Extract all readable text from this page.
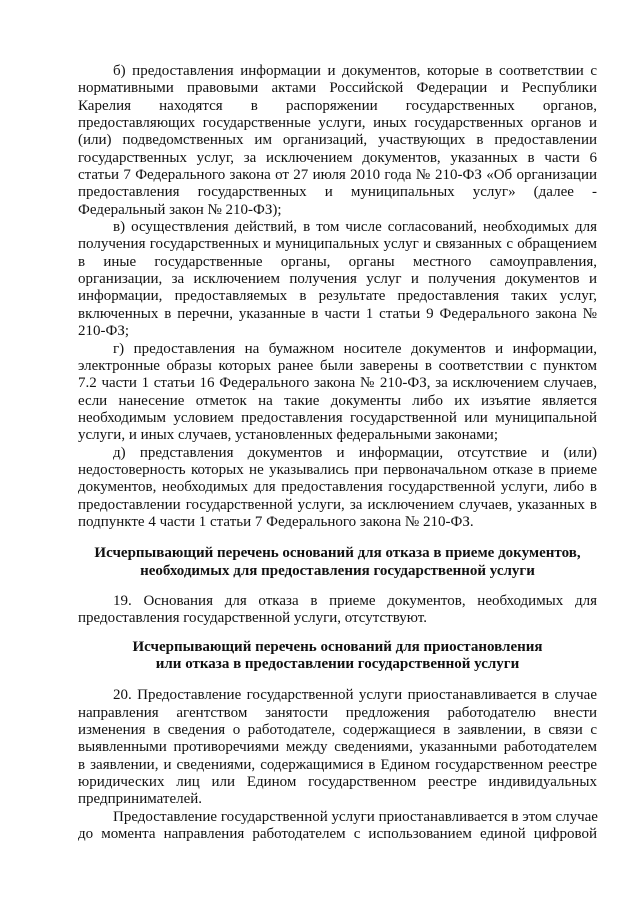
б) предоставления информации и документов, которые в соответствии с
нормативными правовыми актами Российской Федерации и Республики
Карелия находятся в распоряжении государственных органов,
предоставляющих государственные услуги, иных государственных органов и
(или) подведомственных им организаций, участвующих в предоставлении
государственных услуг, за исключением документов, указанных в части 6
статьи 7 Федерального закона от 27 июля 2010 года № 210-ФЗ «Об организации
предоставления государственных и муниципальных услуг» (далее -
Федеральный закон № 210-ФЗ);
в) осуществления действий, в том числе согласований, необходимых для
получения государственных и муниципальных услуг и связанных с обращением
в иные государственные органы, органы местного самоуправления,
организации, за исключением получения услуг и получения документов и
информации, предоставляемых в результате предоставления таких услуг,
включенных в перечни, указанные в части 1 статьи 9 Федерального закона №
210-ФЗ;
г) предоставления на бумажном носителе документов и информации,
электронные образы которых ранее были заверены в соответствии с пунктом
7.2 части 1 статьи 16 Федерального закона № 210-ФЗ, за исключением случаев,
если нанесение отметок на такие документы либо их изъятие является
необходимым условием предоставления государственной или муниципальной
услуги, и иных случаев, установленных федеральными законами;
д) представления документов и информации, отсутствие и (или)
недостоверность которых не указывались при первоначальном отказе в приеме
документов, необходимых для предоставления государственной услуги, либо в
предоставлении государственной услуги, за исключением случаев, указанных в
подпункте 4 части 1 статьи 7 Федерального закона № 210-ФЗ.
Исчерпывающий перечень оснований для отказа в приеме документов,
необходимых для предоставления государственной услуги
19. Основания для отказа в приеме документов, необходимых для
предоставления государственной услуги, отсутствуют.
Исчерпывающий перечень оснований для приостановления
или отказа в предоставлении государственной услуги
20. Предоставление государственной услуги приостанавливается в случае
направления агентством занятости предложения работодателю внести
изменения в сведения о работодателе, содержащиеся в заявлении, в связи с
выявленными противоречиями между сведениями, указанными работодателем
в заявлении, и сведениями, содержащимися в Едином государственном реестре
юридических лиц или Едином государственном реестре индивидуальных
предпринимателей.
Предоставление государственной услуги приостанавливается в этом случае
до момента направления работодателем с использованием единой цифровой
